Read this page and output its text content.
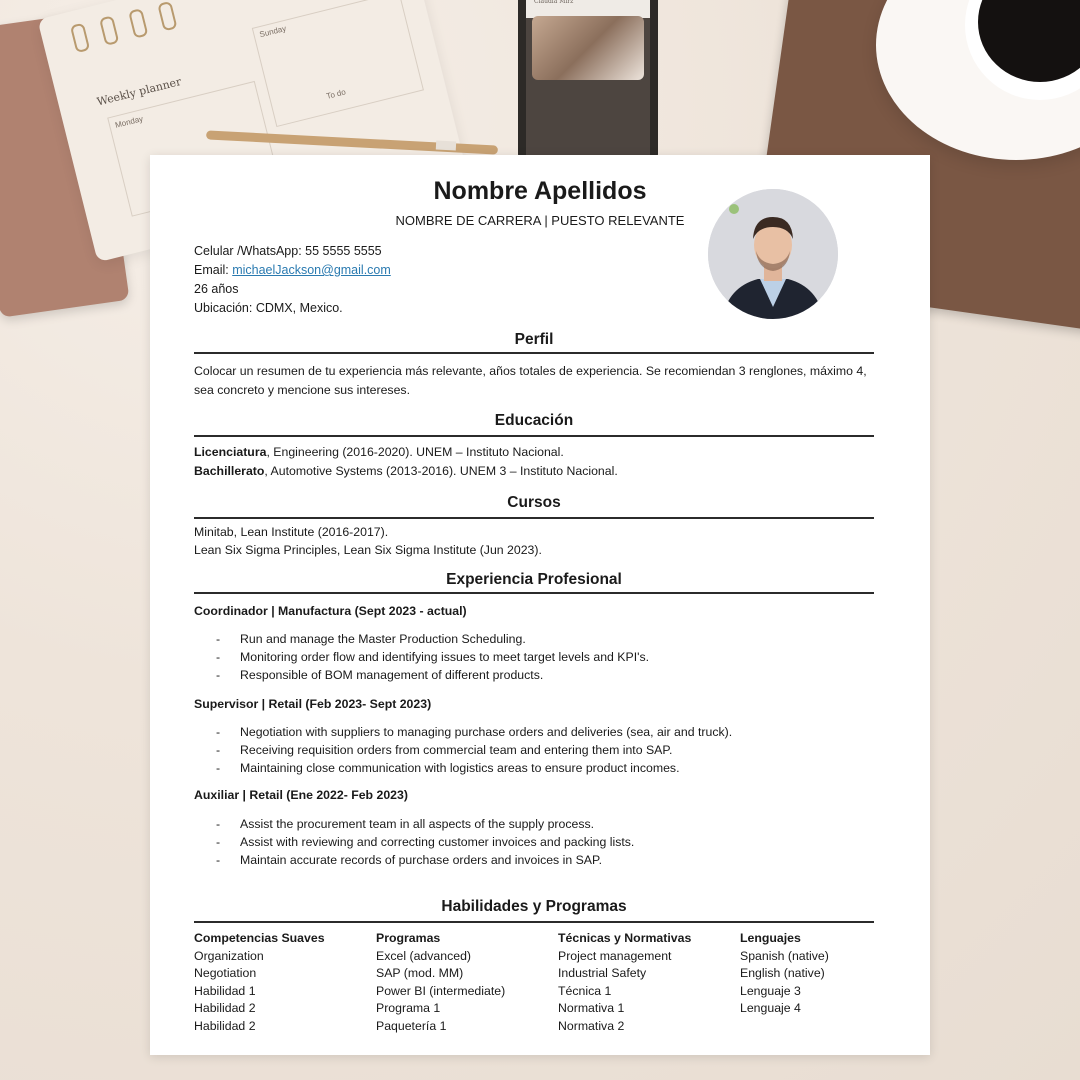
Weekly planner
Monday
Sunday
To do
Claudia Mirz
Nombre Apellidos
NOMBRE DE CARRERA | PUESTO RELEVANTE
Celular /WhatsApp: 55 5555 5555
Email: michaelJackson@gmail.com
26 años
Ubicación: CDMX, Mexico.
Perfil
Colocar un resumen de tu experiencia más relevante, años totales de experiencia. Se recomiendan 3 renglones, máximo 4, sea concreto y mencione sus intereses.
Educación
Licenciatura, Engineering (2016-2020). UNEM – Instituto Nacional.
Bachillerato, Automotive Systems (2013-2016). UNEM 3 – Instituto Nacional.
Cursos
Minitab, Lean Institute (2016-2017).
Lean Six Sigma Principles, Lean Six Sigma Institute (Jun 2023).
Experiencia Profesional
Coordinador | Manufactura (Sept 2023 - actual)
- Run and manage the Master Production Scheduling.
- Monitoring order flow and identifying issues to meet target levels and KPI's.
- Responsible of BOM management of different products.
Supervisor | Retail (Feb 2023- Sept 2023)
- Negotiation with suppliers to managing purchase orders and deliveries (sea, air and truck).
- Receiving requisition orders from commercial team and entering them into SAP.
- Maintaining close communication with logistics areas to ensure product incomes.
Auxiliar | Retail (Ene 2022- Feb 2023)
- Assist the procurement team in all aspects of the supply process.
- Assist with reviewing and correcting customer invoices and packing lists.
- Maintain accurate records of purchase orders and invoices in SAP.
Habilidades y Programas
Competencias Suaves
Organization
Negotiation
Habilidad 1
Habilidad 2
Habilidad 2
Programas
Excel (advanced)
SAP (mod. MM)
Power BI (intermediate)
Programa 1
Paquetería 1
Técnicas y Normativas
Project management
Industrial Safety
Técnica 1
Normativa 1
Normativa 2
Lenguajes
Spanish (native)
English (native)
Lenguaje 3
Lenguaje 4
